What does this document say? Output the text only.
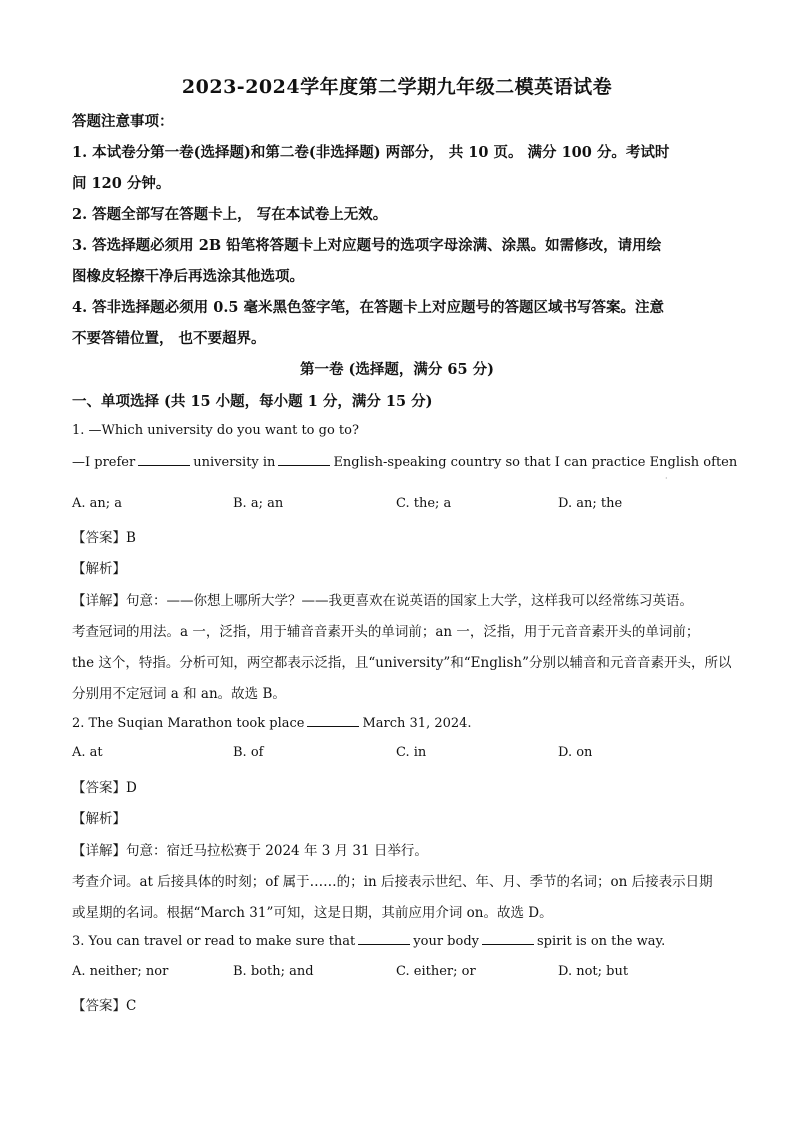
2023-2024学年度第二学期九年级二模英语试卷
答题注意事项：
1. 本试卷分第一卷(选择题)和第二卷(非选择题) 两部分， 共 10 页。 满分 100 分。考试时
间 120 分钟。
2. 答题全部写在答题卡上， 写在本试卷上无效。
3. 答选择题必须用 2B 铅笔将答题卡上对应题号的选项字母涂满、涂黑。如需修改，请用绘
图橡皮轻擦干净后再选涂其他选项。
4. 答非选择题必须用 0.5 毫米黑色签字笔，在答题卡上对应题号的答题区域书写答案。注意
不要答错位置， 也不要超界。
第一卷 (选择题，满分 65 分)
一、单项选择 (共 15 小题，每小题 1 分，满分 15 分)
1. —Which university do you want to go to?
—I prefer	university in	English-speaking country so that I can practice English often
·
A. an; a	B. a; an	C. the; a	D. an; the
【答案】B
【解析】
【详解】句意：——你想上哪所大学？——我更喜欢在说英语的国家上大学，这样我可以经常练习英语。
考查冠词的用法。a 一，泛指，用于辅音音素开头的单词前；an 一，泛指，用于元音音素开头的单词前；
the 这个，特指。分析可知，两空都表示泛指，且“university”和“English”分别以辅音和元音音素开头，所以
分别用不定冠词 a 和 an。故选 B。
2. The Suqian Marathon took place	March 31, 2024.
A. at	B. of	C. in	D. on
【答案】D
【解析】
【详解】句意：宿迁马拉松赛于 2024 年 3 月 31 日举行。
考查介词。at 后接具体的时刻；of 属于……的；in 后接表示世纪、年、月、季节的名词；on 后接表示日期
或星期的名词。根据“March 31”可知，这是日期，其前应用介词 on。故选 D。
3. You can travel or read to make sure that	your body	spirit is on the way.
A. neither; nor	B. both; and	C. either; or	D. not; but
【答案】C
